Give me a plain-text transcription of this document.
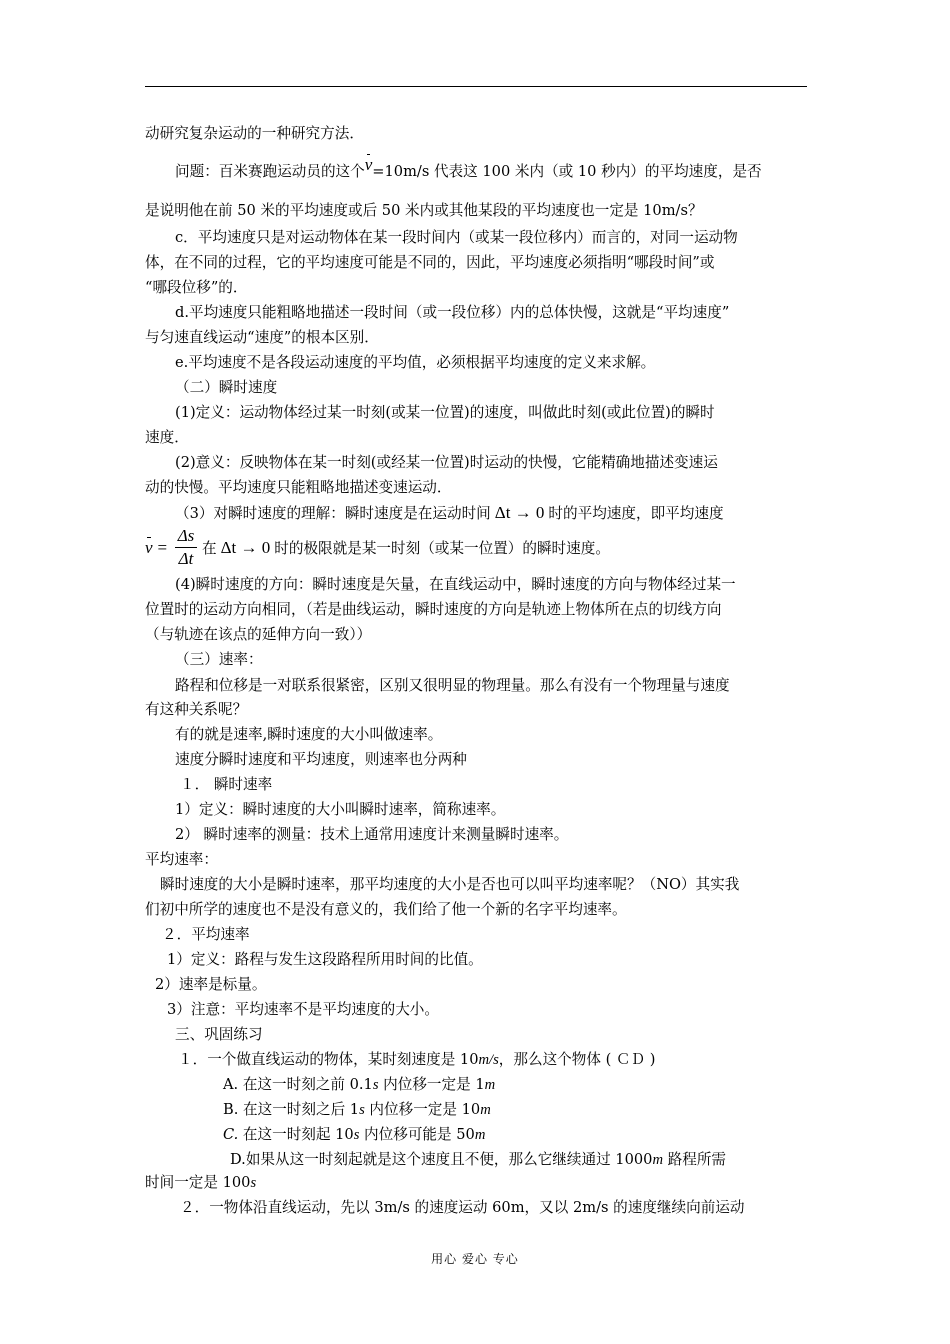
动研究复杂运动的一种研究方法．
问题：百米赛跑运动员的这个v=10m/s 代表这 100 米内（或 10 秒内）的平均速度，是否
是说明他在前 50 米的平均速度或后 50 米内或其他某段的平均速度也一定是 10m/s？
c．平均速度只是对运动物体在某一段时间内（或某一段位移内）而言的，对同一运动物
体，在不同的过程，它的平均速度可能是不同的，因此，平均速度必须指明“哪段时间”或
“哪段位移”的．
d.平均速度只能粗略地描述一段时间（或一段位移）内的总体快慢，这就是“平均速度”
与匀速直线运动“速度”的根本区别．
e.平均速度不是各段运动速度的平均值，必须根据平均速度的定义来求解。
（二）瞬时速度
(1)定义：运动物体经过某一时刻(或某一位置)的速度，叫做此时刻(或此位置)的瞬时
速度．
(2)意义：反映物体在某一时刻(或经某一位置)时运动的快慢，它能精确地描述变速运
动的快慢。平均速度只能粗略地描述变速运动．
（3）对瞬时速度的理解：瞬时速度是在运动时间 Δt → 0 时的平均速度，即平均速度
$v = \frac{\Delta s}{\Delta t}$ 在 Δt → 0 时的极限就是某一时刻（或某一位置）的瞬时速度。
(4)瞬时速度的方向：瞬时速度是矢量，在直线运动中，瞬时速度的方向与物体经过某一
位置时的运动方向相同，（若是曲线运动，瞬时速度的方向是轨迹上物体所在点的切线方向
（与轨迹在该点的延伸方向一致））
（三）速率：
路程和位移是一对联系很紧密，区别又很明显的物理量。那么有没有一个物理量与速度
有这种关系呢？
有的就是速率,瞬时速度的大小叫做速率。
速度分瞬时速度和平均速度，则速率也分两种
１． 瞬时速率
1）定义：瞬时速度的大小叫瞬时速率，简称速率。
2） 瞬时速率的测量：技术上通常用速度计来测量瞬时速率。
平均速率：
瞬时速度的大小是瞬时速率，那平均速度的大小是否也可以叫平均速率呢？（NO）其实我
们初中所学的速度也不是没有意义的，我们给了他一个新的名字平均速率。
２．平均速率
1）定义：路程与发生这段路程所用时间的比值。
2）速率是标量。
3）注意：平均速率不是平均速度的大小。
三、巩固练习
１．一个做直线运动的物体，某时刻速度是 10m/s，那么这个物体 ( ＣＤ )
A. 在这一时刻之前 0.1s 内位移一定是 1m
B. 在这一时刻之后 1s 内位移一定是 10m
C. 在这一时刻起 10s 内位移可能是 50m
D.如果从这一时刻起就是这个速度且不便，那么它继续通过 1000m 路程所需
时间一定是 100s
２．一物体沿直线运动，先以 3m/s 的速度运动 60m，又以 2m/s 的速度继续向前运动
用心 爱心 专心
